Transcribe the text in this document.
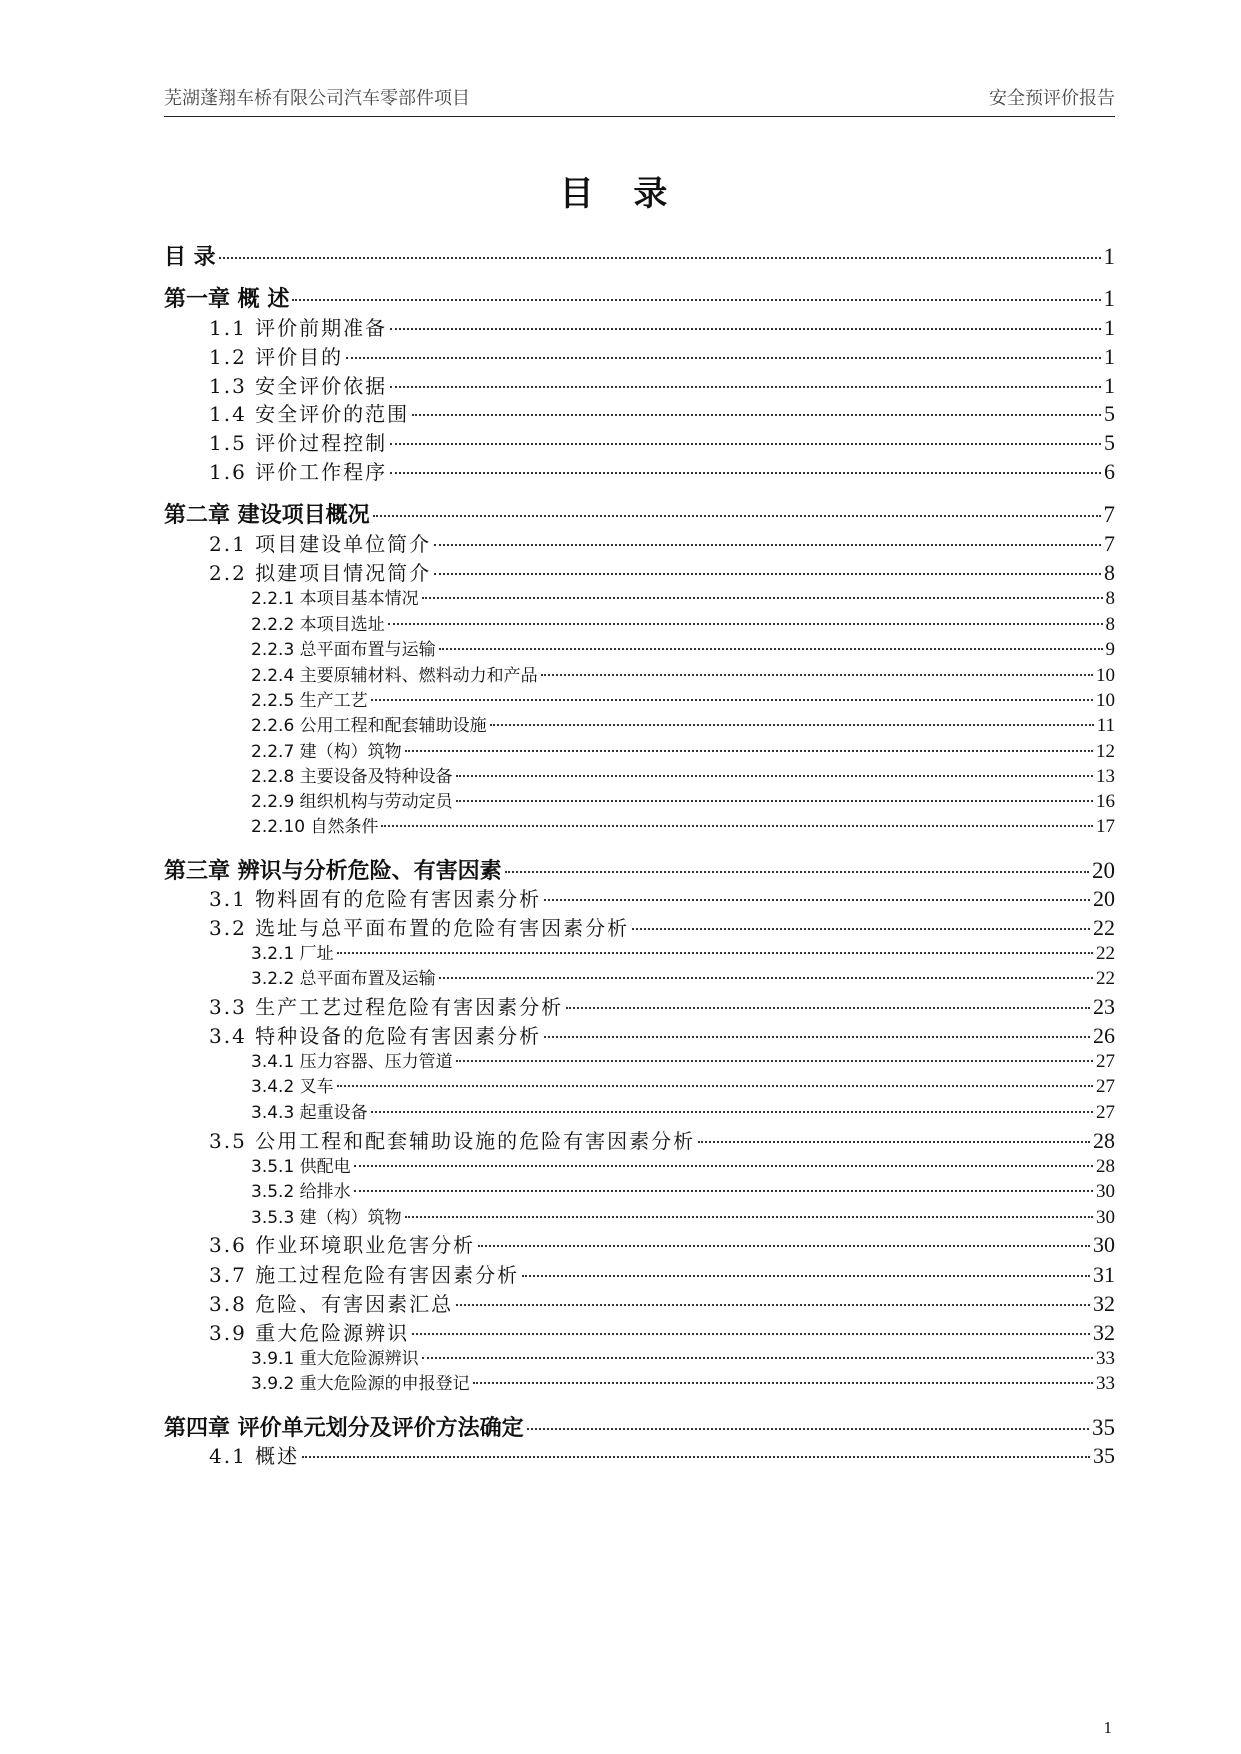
芜湖蓬翔车桥有限公司汽车零部件项目	安全预评价报告
目 录
目 录	1
第一章 概 述	1
1.1 评价前期准备	1
1.2 评价目的	1
1.3 安全评价依据	1
1.4 安全评价的范围	5
1.5 评价过程控制	5
1.6 评价工作程序	6
第二章 建设项目概况	7
2.1 项目建设单位简介	7
2.2 拟建项目情况简介	8
2.2.1 本项目基本情况	8
2.2.2 本项目选址	8
2.2.3 总平面布置与运输	9
2.2.4 主要原辅材料、燃料动力和产品	10
2.2.5 生产工艺	10
2.2.6 公用工程和配套辅助设施	11
2.2.7 建（构）筑物	12
2.2.8 主要设备及特种设备	13
2.2.9 组织机构与劳动定员	16
2.2.10 自然条件	17
第三章 辨识与分析危险、有害因素	20
3.1 物料固有的危险有害因素分析	20
3.2 选址与总平面布置的危险有害因素分析	22
3.2.1 厂址	22
3.2.2 总平面布置及运输	22
3.3 生产工艺过程危险有害因素分析	23
3.4 特种设备的危险有害因素分析	26
3.4.1 压力容器、压力管道	27
3.4.2 叉车	27
3.4.3 起重设备	27
3.5 公用工程和配套辅助设施的危险有害因素分析	28
3.5.1 供配电	28
3.5.2 给排水	30
3.5.3 建（构）筑物	30
3.6 作业环境职业危害分析	30
3.7 施工过程危险有害因素分析	31
3.8 危险、有害因素汇总	32
3.9 重大危险源辨识	32
3.9.1 重大危险源辨识	33
3.9.2 重大危险源的申报登记	33
第四章 评价单元划分及评价方法确定	35
4.1 概述	35
1
